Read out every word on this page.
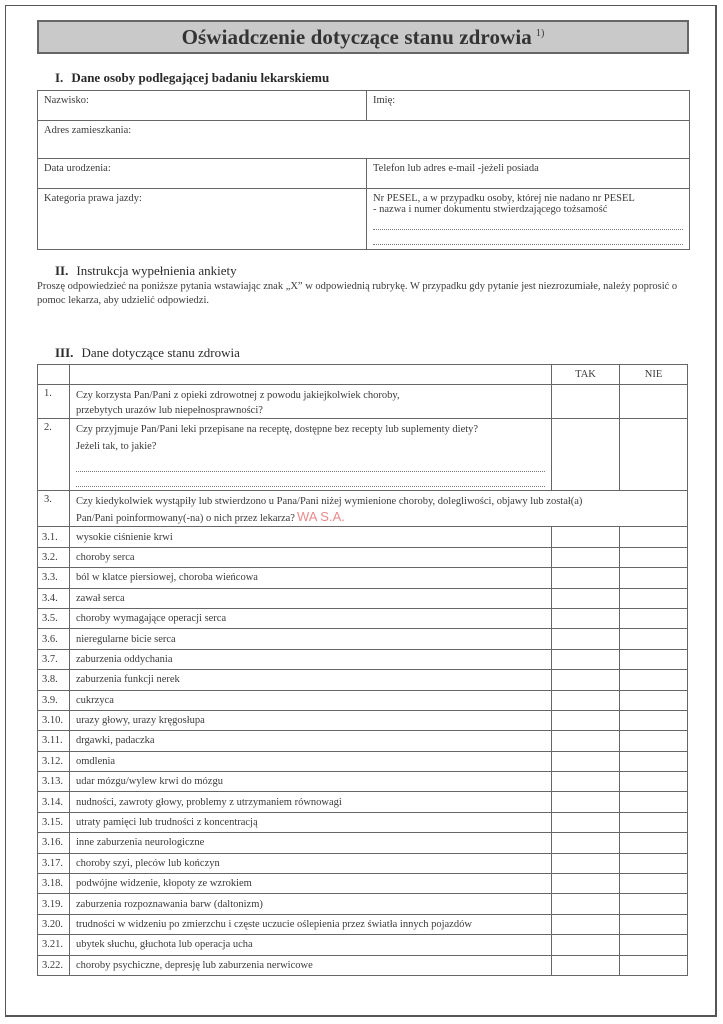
Oświadczenie dotyczące stanu zdrowia $^{1)}$
I. Dane osoby podlegającej badaniu lekarskiemu
Nazwisko:	Imię:
Adres zamieszkania:	
Data urodzenia:	Telefon lub adres e-mail -jeżeli posiada
Kategoria prawa jazdy:	Nr PESEL, a w przypadku osoby, której nie nadano nr PESEL
- nazwa i numer dokumentu stwierdzającego tożsamość
II. Instrukcja wypełnienia ankiety
Proszę odpowiedzieć na poniższe pytania wstawiając znak „X” w odpowiednią rubrykę. W przypadku gdy pytanie jest niezrozumiałe, należy poprosić o pomoc lekarza, aby udzielić odpowiedzi.
III. Dane dotyczące stanu zdrowia
		TAK	NIE
1.	Czy korzysta Pan/Pani z opieki zdrowotnej z powodu jakiejkolwiek choroby,
przebytych urazów lub niepełnosprawności?		

2.	Czy przyjmuje Pan/Pani leki przepisane na receptę, dostępne bez recepty lub suplementy diety?
Jeżeli tak, to jakie?		

3.	Czy kiedykolwiek wystąpiły lub stwierdzono u Pana/Pani niżej wymienione choroby, dolegliwości, objawy lub został(a)
Pan/Pani poinformowany(-na) o nich przez lekarza? WA S.A.		

3.1.	wysokie ciśnienie krwi		
3.2.	choroby serca		
3.3.	ból w klatce piersiowej, choroba wieńcowa		
3.4.	zawał serca		
3.5.	choroby wymagające operacji serca		
3.6.	nieregularne bicie serca		
3.7.	zaburzenia oddychania		
3.8.	zaburzenia funkcji nerek		
3.9.	cukrzyca		
3.10.	urazy głowy, urazy kręgosłupa		
3.11.	drgawki, padaczka		
3.12.	omdlenia		
3.13.	udar mózgu/wylew krwi do mózgu		
3.14.	nudności, zawroty głowy, problemy z utrzymaniem równowagi		
3.15.	utraty pamięci lub trudności z koncentracją		
3.16.	inne zaburzenia neurologiczne		
3.17.	choroby szyi, pleców lub kończyn		
3.18.	podwójne widzenie, kłopoty ze wzrokiem		
3.19.	zaburzenia rozpoznawania barw (daltonizm)		
3.20.	trudności w widzeniu po zmierzchu i częste uczucie oślepienia przez światła innych pojazdów		
3.21.	ubytek słuchu, głuchota lub operacja ucha		
3.22.	choroby psychiczne, depresję lub zaburzenia nerwicowe		
